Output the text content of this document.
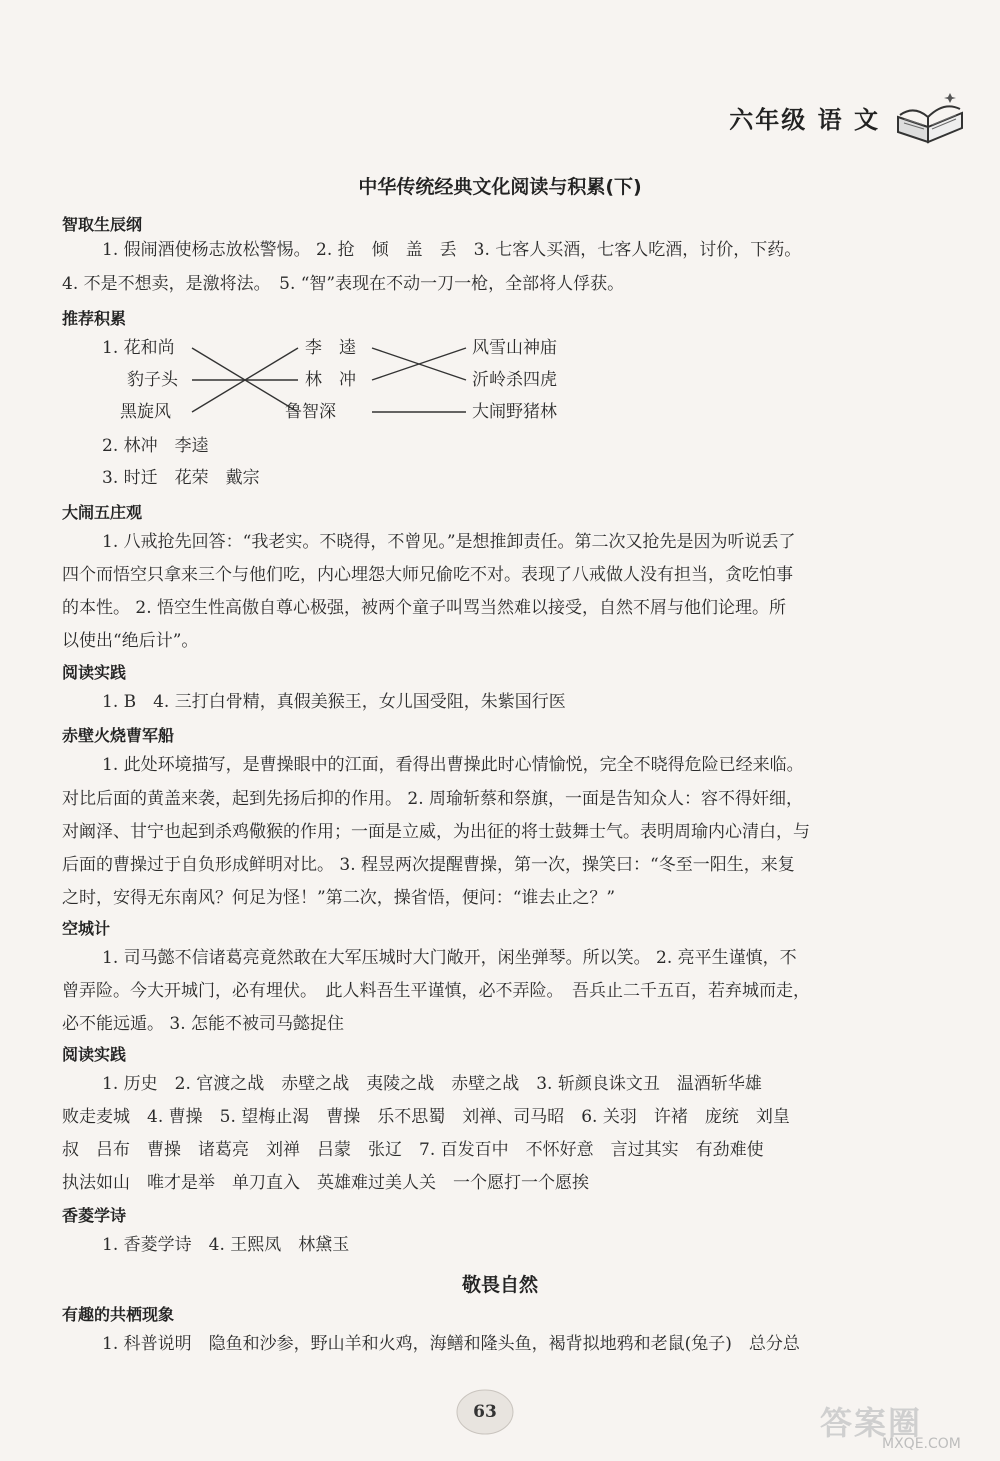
六年级 语 文
中华传统经典文化阅读与积累(下)
智取生辰纲
1. 假闹酒使杨志放松警惕。 2. 抢　倾　盖　丢　3. 七客人买酒，七客人吃酒，讨价，下药。
4. 不是不想卖，是激将法。　5. “智”表现在不动一刀一枪，全部将人俘获。
推荐积累
1. 花和尚
豹子头
黑旋风
李　逵
林　冲
鲁智深
风雪山神庙
沂岭杀四虎
大闹野猪林
2. 林冲　李逵
3. 时迁　花荣　戴宗
大闹五庄观
1. 八戒抢先回答：“我老实。不晓得，不曾见。”是想推卸责任。第二次又抢先是因为听说丢了
四个而悟空只拿来三个与他们吃，内心埋怨大师兄偷吃不对。表现了八戒做人没有担当，贪吃怕事
的本性。 2. 悟空生性高傲自尊心极强，被两个童子叫骂当然难以接受，自然不屑与他们论理。所
以使出“绝后计”。
阅读实践
1. B　4. 三打白骨精，真假美猴王，女儿国受阻，朱紫国行医
赤壁火烧曹军船
1. 此处环境描写，是曹操眼中的江面，看得出曹操此时心情愉悦，完全不晓得危险已经来临。
对比后面的黄盖来袭，起到先扬后抑的作用。 2. 周瑜斩蔡和祭旗，一面是告知众人：容不得奸细，
对阚泽、甘宁也起到杀鸡儆猴的作用；一面是立威，为出征的将士鼓舞士气。表明周瑜内心清白，与
后面的曹操过于自负形成鲜明对比。 3. 程昱两次提醒曹操，第一次，操笑曰：“冬至一阳生，来复
之时，安得无东南风？何足为怪！”第二次，操省悟，便问：“谁去止之？”
空城计
1. 司马懿不信诸葛亮竟然敢在大军压城时大门敞开，闲坐弹琴。所以笑。 2. 亮平生谨慎，不
曾弄险。今大开城门，必有埋伏。　此人料吾生平谨慎，必不弄险。　吾兵止二千五百，若弃城而走，
必不能远遁。 3. 怎能不被司马懿捉住
阅读实践
1. 历史　2. 官渡之战　赤壁之战　夷陵之战　赤壁之战　3. 斩颜良诛文丑　温酒斩华雄
败走麦城　4. 曹操　5. 望梅止渴　曹操　乐不思蜀　刘禅、司马昭　6. 关羽　许褚　庞统　刘皇
叔　吕布　曹操　诸葛亮　刘禅　吕蒙　张辽　7. 百发百中　不怀好意　言过其实　有劲难使
执法如山　唯才是举　单刀直入　英雄难过美人关　一个愿打一个愿挨
香菱学诗
1. 香菱学诗　4. 王熙凤　林黛玉
敬畏自然
有趣的共栖现象
1. 科普说明　隐鱼和沙参，野山羊和火鸡，海鳝和隆头鱼，褐背拟地鸦和老鼠(兔子)　总分总
63	答案圈
MXQE.COM
